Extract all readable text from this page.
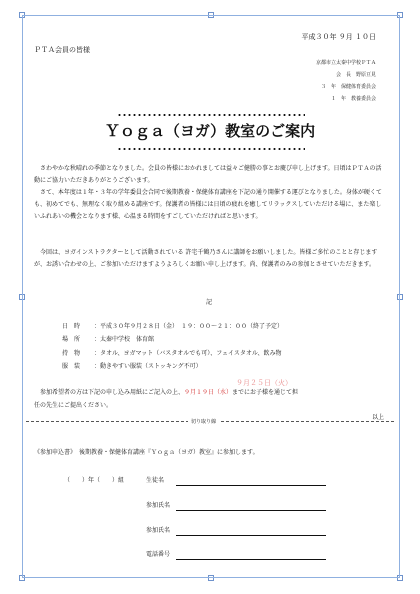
平成３０年 ９月 １０日
ＰＴＡ会員の皆様
京都市立太秦中学校ＰＴＡ
会　長　野原豆見
３　年　保健体育委員会
１　年　教養委員会
Ｙｏｇａ（ヨガ）教室のご案内
さわやかな秋晴れの季節となりました。会員の皆様におかれましては益々ご健勝の事とお慶び申し上げます。日頃はＰＴＡの活動にご協力いただきありがとうございます。
さて、本年度は１年・３年の学年委員会合同で後期教養・保健体育講座を下記の通り開催する運びとなりました。身体が硬くても、初めてでも、無理なく取り組める講座です。保護者の皆様には日頃の疲れを癒してリラックスしていただける場に、また楽しいふれあいの機会となります様、心温まる時間をすごしていただければと思います。
今回は、ヨガインストラクターとして活動されている 許宅千鶴乃さんに講師をお願いしました。皆様ご多忙のことと存じますが、お誘い合わせの上、ご参加いただけますようよろしくお願い申し上げます。尚、保護者のみの参加とさせていただきます。
記
日　時 ：平成３０年９月２８日（金）　１９：００～２１：００（終了予定）
場　所 ：太秦中学校　体育館
持　物 ：タオル、ヨガマット（バスタオルでも可）、フェイスタオル、飲み物
服　装 ：動きやすい服装（ストッキング不可）
９月２５日（火）
参加希望者の方は下記の申し込み用紙にご記入の上、９月１９日（水）までにお子様を通じて担
任の先生にご提出ください。
以上
切り取り線
《参加申込書》　後期教養・保健体育講座『Ｙｏｇａ（ヨガ）教室』に参加します。
（　　）年（　　）組	生徒名
参加氏名
参加氏名
電話番号
